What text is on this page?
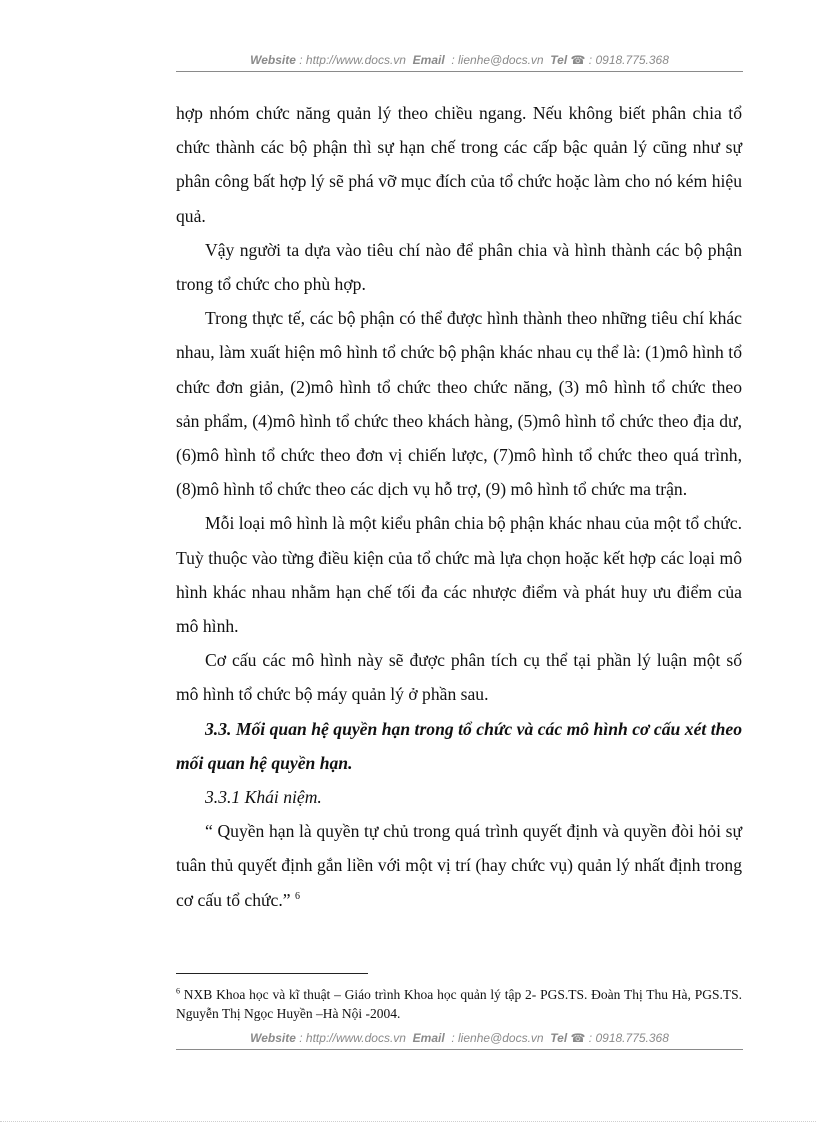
Website : http://www.docs.vn Email  : lienhe@docs.vn Tel ☎ : 0918.775.368

hợp nhóm chức năng quản lý theo chiều ngang. Nếu không biết phân chia tổ chức thành các bộ phận thì sự hạn chế trong các cấp bậc quản lý cũng như sự phân công bất hợp lý sẽ phá vỡ mục đích của tổ chức hoặc làm cho nó kém hiệu quả.

Vậy người ta dựa vào tiêu chí nào để phân chia và hình thành các bộ phận trong tổ chức cho phù hợp.

Trong thực tế, các bộ phận có thể được hình thành theo những tiêu chí khác nhau, làm xuất hiện mô hình tổ chức bộ phận khác nhau cụ thể là: (1)mô hình tổ chức đơn giản, (2)mô hình tổ chức theo chức năng, (3) mô hình tổ chức theo sản phẩm, (4)mô hình tổ chức theo khách hàng, (5)mô hình tổ chức theo địa dư, (6)mô hình tổ chức theo đơn vị chiến lược, (7)mô hình tổ chức theo quá trình, (8)mô hình tổ chức theo các dịch vụ hỗ trợ, (9) mô hình tổ chức ma trận.

Mỗi loại mô hình là một kiểu phân chia bộ phận khác nhau của một tổ chức. Tuỳ thuộc vào từng điều kiện của tổ chức mà lựa chọn hoặc kết hợp các loại mô hình khác nhau nhằm hạn chế tối đa các nhược điểm và phát huy ưu điểm của mô hình.

Cơ cấu các mô hình này sẽ được phân tích cụ thể tại phần lý luận một số mô hình tổ chức bộ máy quản lý ở phần sau.

3.3. Mối quan hệ quyền hạn trong tổ chức và các mô hình cơ cấu xét theo mối quan hệ quyền hạn.

3.3.1 Khái niệm.

“ Quyền hạn là quyền tự chủ trong quá trình quyết định và quyền đòi hỏi sự tuân thủ quyết định gắn liền với một vị trí (hay chức vụ) quản lý nhất định trong cơ cấu tổ chức.” $^6$

$^6$ NXB Khoa học và kĩ thuật – Giáo trình Khoa học quản lý tập 2- PGS.TS. Đoàn Thị Thu Hà, PGS.TS. Nguyễn Thị Ngọc Huyền –Hà Nội -2004.
Website : http://www.docs.vn Email  : lienhe@docs.vn Tel ☎ : 0918.775.368
